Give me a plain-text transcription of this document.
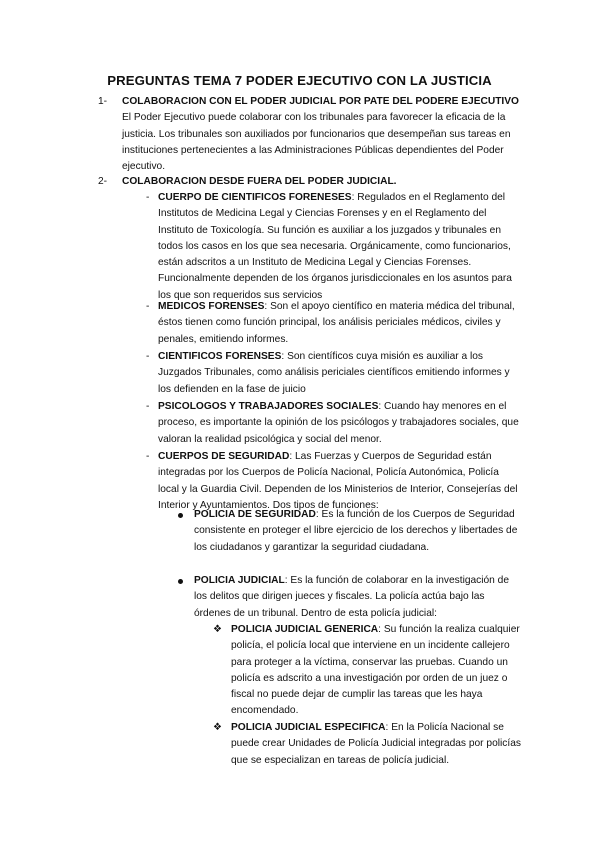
PREGUNTAS TEMA 7 PODER EJECUTIVO CON LA JUSTICIA
1- COLABORACION CON EL PODER JUDICIAL POR PATE DEL PODERE EJECUTIVO

El Poder Ejecutivo puede colaborar con los tribunales para favorecer la eficacia de la justicia. Los tribunales son auxiliados por funcionarios que desempeñan sus tareas en instituciones pertenecientes a las Administraciones Públicas dependientes del Poder ejecutivo.

2- COLABORACION DESDE FUERA DEL PODER JUDICIAL.
- CUERPO DE CIENTIFICOS FORENESES: Regulados en el Reglamento del Institutos de Medicina Legal y Ciencias Forenses y en el Reglamento del Instituto de Toxicología. Su función es auxiliar a los juzgados y tribunales en todos los casos en los que sea necesaria. Orgánicamente, como funcionarios, están adscritos a un Instituto de Medicina Legal y Ciencias Forenses. Funcionalmente dependen de los órganos jurisdiccionales en los asuntos para los que son requeridos sus servicios
- MEDICOS FORENSES: Son el apoyo científico en materia médica del tribunal, éstos tienen como función principal, los análisis periciales médicos, civiles y penales, emitiendo informes.
- CIENTIFICOS FORENSES: Son científicos cuya misión es auxiliar a los Juzgados Tribunales, como análisis periciales científicos emitiendo informes y los defienden en la fase de juicio
- PSICOLOGOS Y TRABAJADORES SOCIALES: Cuando hay menores en el proceso, es importante la opinión de los psicólogos y trabajadores sociales, que valoran la realidad psicológica y social del menor.
- CUERPOS DE SEGURIDAD: Las Fuerzas y Cuerpos de Seguridad están integradas por los Cuerpos de Policía Nacional, Policía Autonómica, Policía local y la Guardia Civil. Dependen de los Ministerios de Interior, Consejerías del Interior y Ayuntamientos. Dos tipos de funciones:
POLICIA DE SEGURIDAD: Es la función de los Cuerpos de Seguridad consistente en proteger el libre ejercicio de los derechos y libertades de los ciudadanos y garantizar la seguridad ciudadana.
POLICIA JUDICIAL: Es la función de colaborar en la investigación de los delitos que dirigen jueces y fiscales. La policía actúa bajo las órdenes de un tribunal. Dentro de esta policía judicial:
❖ POLICIA JUDICIAL GENERICA: Su función la realiza cualquier policía, el policía local que interviene en un incidente callejero para proteger a la víctima, conservar las pruebas. Cuando un policía es adscrito a una investigación por orden de un juez o fiscal no puede dejar de cumplir las tareas que les haya encomendado.
❖ POLICIA JUDICIAL ESPECIFICA: En la Policía Nacional se puede crear Unidades de Policía Judicial integradas por policías que se especializan en tareas de policía judicial.
